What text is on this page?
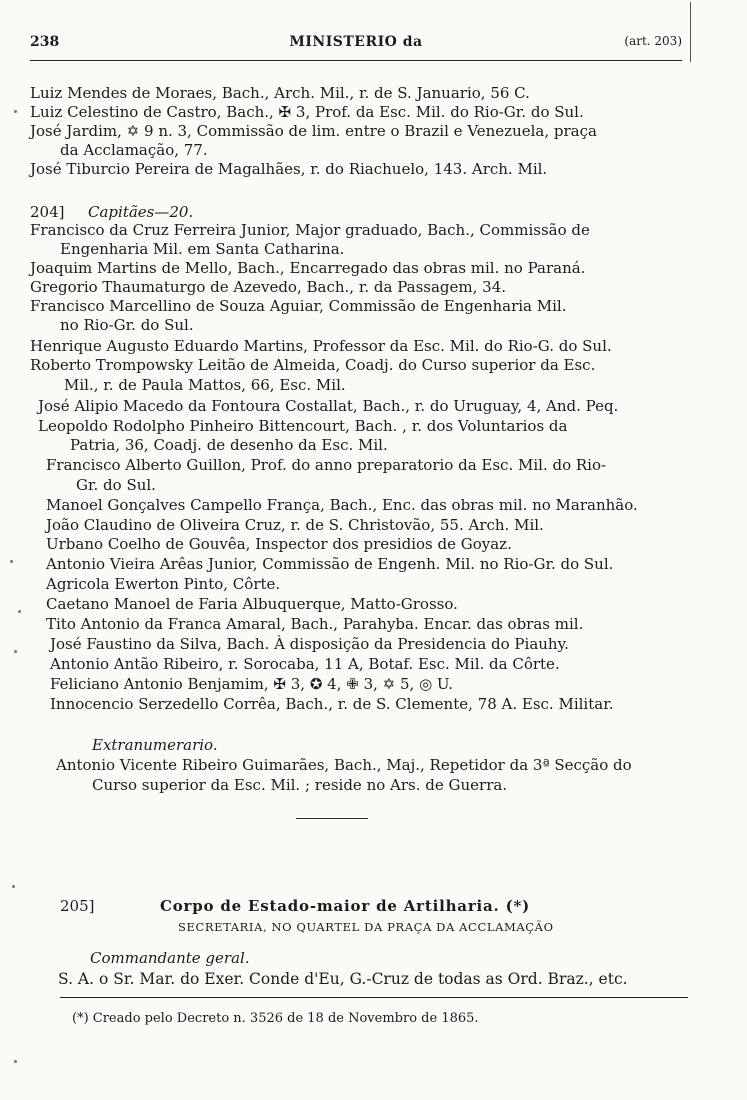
238	MINISTERIO da	(art. 203)
Luiz Mendes de Moraes, Bach., Arch. Mil., r. de S. Januario, 56 C.
Luiz Celestino de Castro, Bach., ✠ 3, Prof. da Esc. Mil. do Rio-Gr. do Sul.
José Jardim, ✡ 9 n. 3, Commissão de lim. entre o Brazil e Venezuela, praça
da Acclamação, 77.
José Tiburcio Pereira de Magalhães, r. do Riachuelo, 143. Arch. Mil.
204] Capitães—20.
Francisco da Cruz Ferreira Junior, Major graduado, Bach., Commissão de
Engenharia Mil. em Santa Catharina.
Joaquim Martins de Mello, Bach., Encarregado das obras mil. no Paraná.
Gregorio Thaumaturgo de Azevedo, Bach., r. da Passagem, 34.
Francisco Marcellino de Souza Aguiar, Commissão de Engenharia Mil.
no Rio-Gr. do Sul.
Henrique Augusto Eduardo Martins, Professor da Esc. Mil. do Rio-G. do Sul.
Roberto Trompowsky Leitão de Almeida, Coadj. do Curso superior da Esc.
Mil., r. de Paula Mattos, 66, Esc. Mil.
José Alipio Macedo da Fontoura Costallat, Bach., r. do Uruguay, 4, And. Peq.
Leopoldo Rodolpho Pinheiro Bittencourt, Bach. , r. dos Voluntarios da
Patria, 36, Coadj. de desenho da Esc. Mil.
Francisco Alberto Guillon, Prof. do anno preparatorio da Esc. Mil. do Rio-
Gr. do Sul.
Manoel Gonçalves Campello França, Bach., Enc. das obras mil. no Maranhão.
João Claudino de Oliveira Cruz, r. de S. Christovão, 55. Arch. Mil.
Urbano Coelho de Gouvêa, Inspector dos presidios de Goyaz.
Antonio Vieira Arêas Junior, Commissão de Engenh. Mil. no Rio-Gr. do Sul.
Agricola Ewerton Pinto, Côrte.
Caetano Manoel de Faria Albuquerque, Matto-Grosso.
Tito Antonio da Franca Amaral, Bach., Parahyba. Encar. das obras mil.
José Faustino da Silva, Bach. À disposição da Presidencia do Piauhy.
Antonio Antão Ribeiro, r. Sorocaba, 11 A, Botaf. Esc. Mil. da Côrte.
Feliciano Antonio Benjamim, ✠ 3, ✪ 4, ✙ 3, ✡ 5, ◎ U.
Innocencio Serzedello Corrêa, Bach., r. de S. Clemente, 78 A. Esc. Militar.
Extranumerario.
Antonio Vicente Ribeiro Guimarães, Bach., Maj., Repetidor da 3ª Secção do
Curso superior da Esc. Mil. ; reside no Ars. de Guerra.
205]	Corpo de Estado-maior de Artilharia. (*)
SECRETARIA, NO QUARTEL DA PRAÇA DA ACCLAMAÇÃO
Commandante geral.
S. A. o Sr. Mar. do Exer. Conde d'Eu, G.-Cruz de todas as Ord. Braz., etc.
(*) Creado pelo Decreto n. 3526 de 18 de Novembro de 1865.
